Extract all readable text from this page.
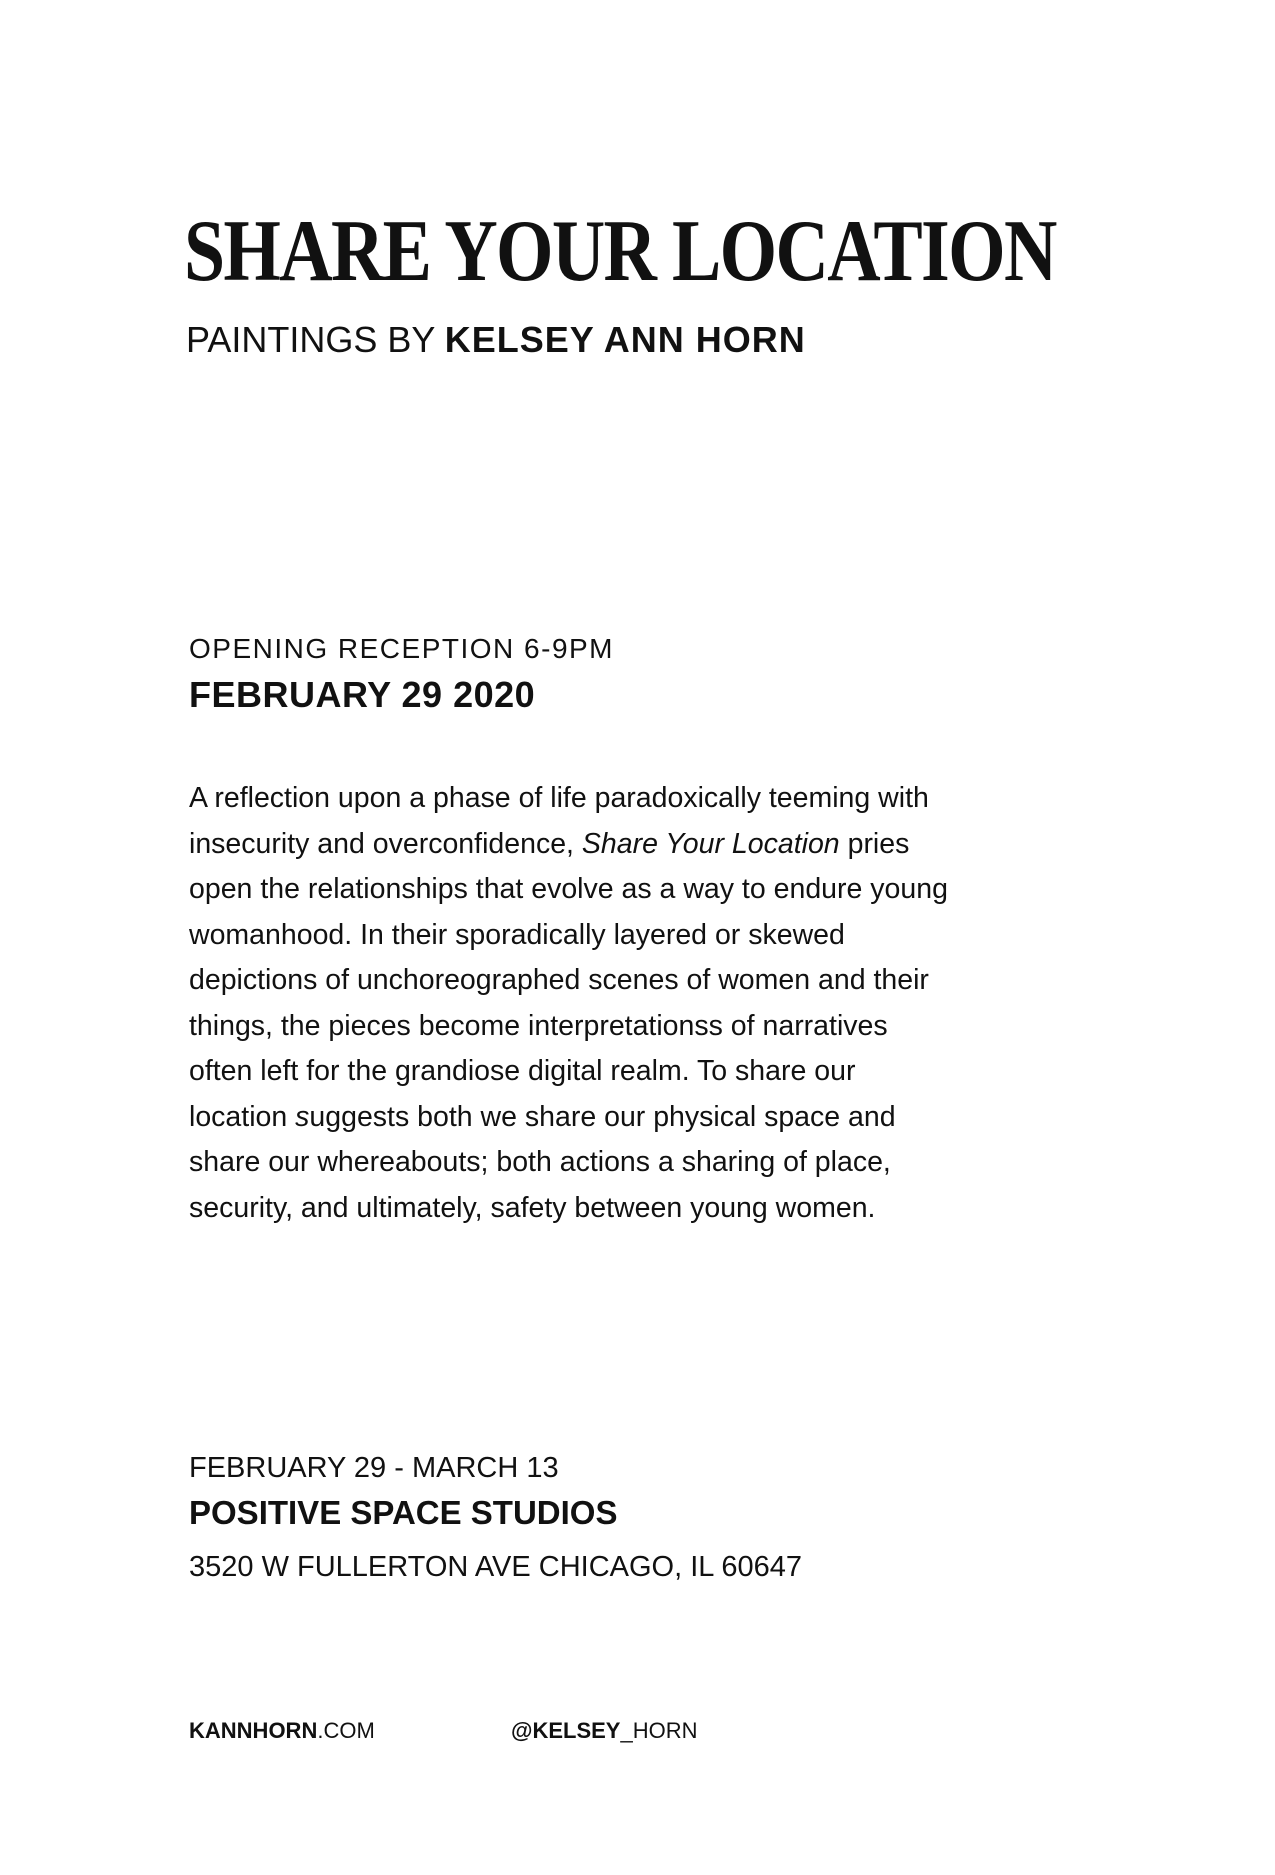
SHARE YOUR LOCATION

PAINTINGS BY KELSEY ANN HORN

OPENING RECEPTION 6-9PM
FEBRUARY 29 2020

A reflection upon a phase of life paradoxically teeming with
insecurity and overconfidence, Share Your Location pries
open the relationships that evolve as a way to endure young
womanhood. In their sporadically layered or skewed
depictions of unchoreographed scenes of women and their
things, the pieces become interpretationss of narratives
often left for the grandiose digital realm. To share our
location suggests both we share our physical space and
share our whereabouts; both actions a sharing of place,
security, and ultimately, safety between young women.

FEBRUARY 29 - MARCH 13
POSITIVE SPACE STUDIOS
3520 W FULLERTON AVE CHICAGO, IL 60647
KANNHORN.COM	@KELSEY_HORN
